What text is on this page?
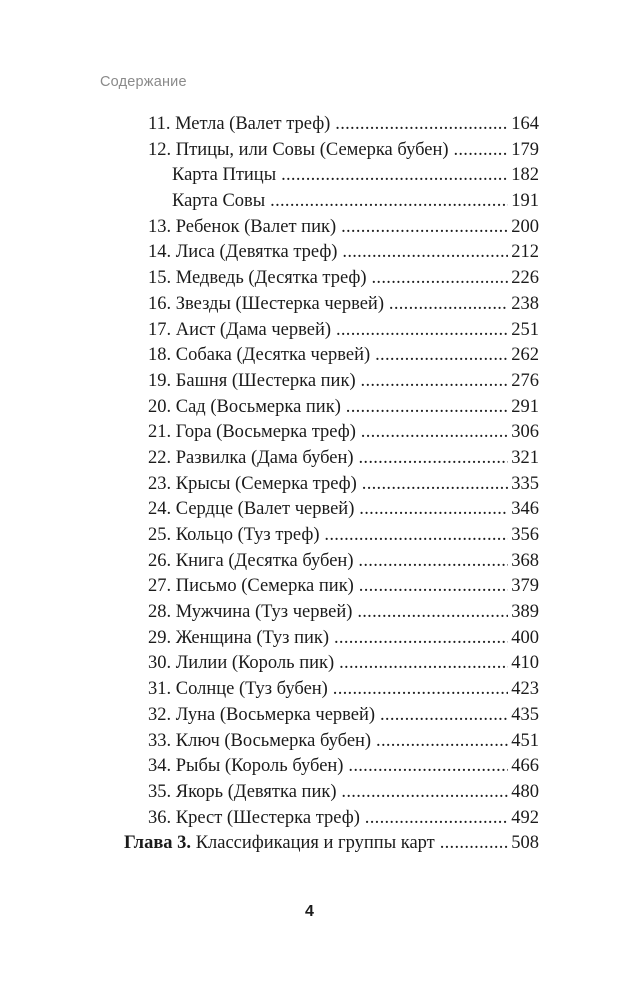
Содержание
11. Метла (Валет треф) .....	164
12. Птицы, или Совы (Семерка бубен) .....	179
Карта Птицы .....	182
Карта Совы .....	191
13. Ребенок (Валет пик) .....	200
14. Лиса (Девятка треф) .....	212
15. Медведь (Десятка треф) .....	226
16. Звезды (Шестерка червей) .....	238
17. Аист (Дама червей) .....	251
18. Собака (Десятка червей) .....	262
19. Башня (Шестерка пик) .....	276
20. Сад (Восьмерка пик) .....	291
21. Гора (Восьмерка треф) .....	306
22. Развилка (Дама бубен) .....	321
23. Крысы (Семерка треф) .....	335
24. Сердце (Валет червей) .....	346
25. Кольцо (Туз треф) .....	356
26. Книга (Десятка бубен) .....	368
27. Письмо (Семерка пик) .....	379
28. Мужчина (Туз червей) .....	389
29. Женщина (Туз пик) .....	400
30. Лилии (Король пик) .....	410
31. Солнце (Туз бубен) .....	423
32. Луна (Восьмерка червей) .....	435
33. Ключ (Восьмерка бубен) .....	451
34. Рыбы (Король бубен) .....	466
35. Якорь (Девятка пик) .....	480
36. Крест (Шестерка треф) .....	492
Глава 3. Классификация и группы карт .....	508
4
